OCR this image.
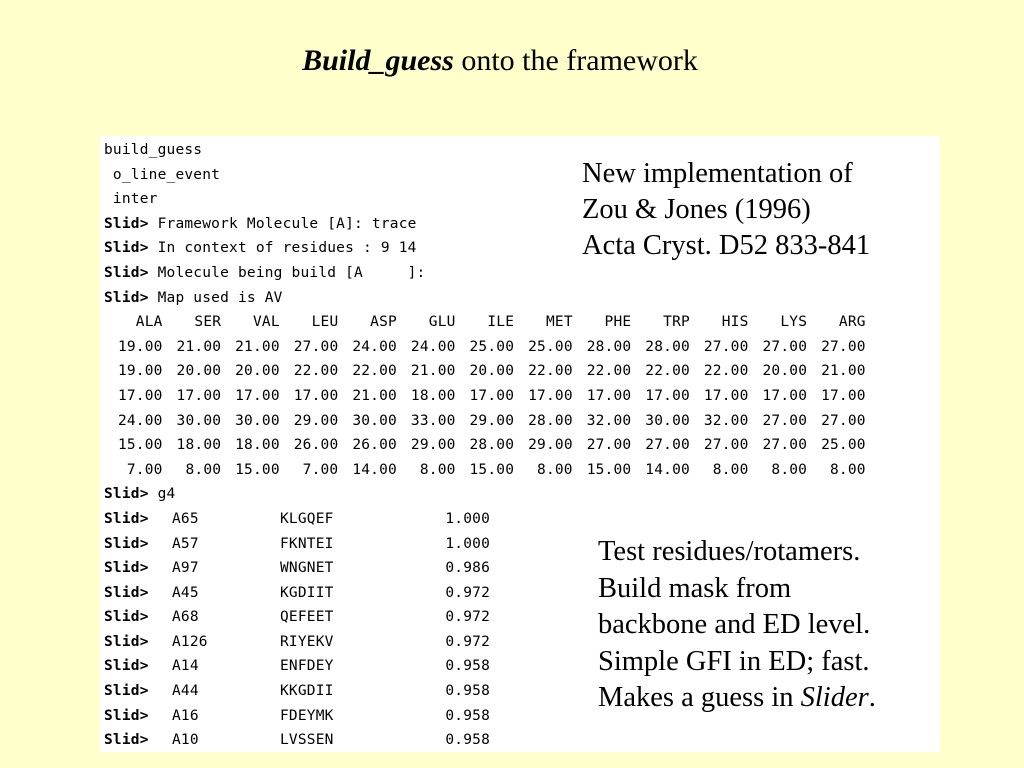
Build_guess onto the framework
build_guess
o_line_event
inter
Slid> Framework Molecule [A]: trace
Slid> In context of residues : 9 14
Slid> Molecule being build [A     ]:
Slid> Map used is AV
ALA	SER	VAL	LEU	ASP	GLU	ILE	MET	PHE	TRP	HIS	LYS	ARG
19.00 21.00 21.00 27.00 24.00 24.00 25.00 25.00 28.00 28.00 27.00 27.00 27.00
19.00 20.00 20.00 22.00 22.00 21.00 20.00 22.00 22.00 22.00 22.00 20.00 21.00
17.00 17.00 17.00 17.00 21.00 18.00 17.00 17.00 17.00 17.00 17.00 17.00 17.00
24.00 30.00 30.00 29.00 30.00 33.00 29.00 28.00 32.00 30.00 32.00 27.00 27.00
15.00 18.00 18.00 26.00 26.00 29.00 28.00 29.00 27.00 27.00 27.00 27.00 25.00
7.00	8.00 15.00	7.00 14.00	8.00 15.00	8.00 15.00 14.00	8.00	8.00	8.00
Slid> g4
Slid>	A65	KLGQEF	1.000
Slid>	A57	FKNTEI	1.000
Slid>	A97	WNGNET	0.986
Slid>	A45	KGDIIT	0.972
Slid>	A68	QEFEET	0.972
Slid>	A126	RIYEKV	0.972
Slid>	A14	ENFDEY	0.958
Slid>	A44	KKGDII	0.958
Slid>	A16	FDEYMK	0.958
Slid>	A10	LVSSEN	0.958
New implementation of
Zou & Jones (1996)
Acta Cryst. D52 833-841
Test residues/rotamers.
Build mask from
backbone and ED level.
Simple GFI in ED; fast.
Makes a guess in Slider.
